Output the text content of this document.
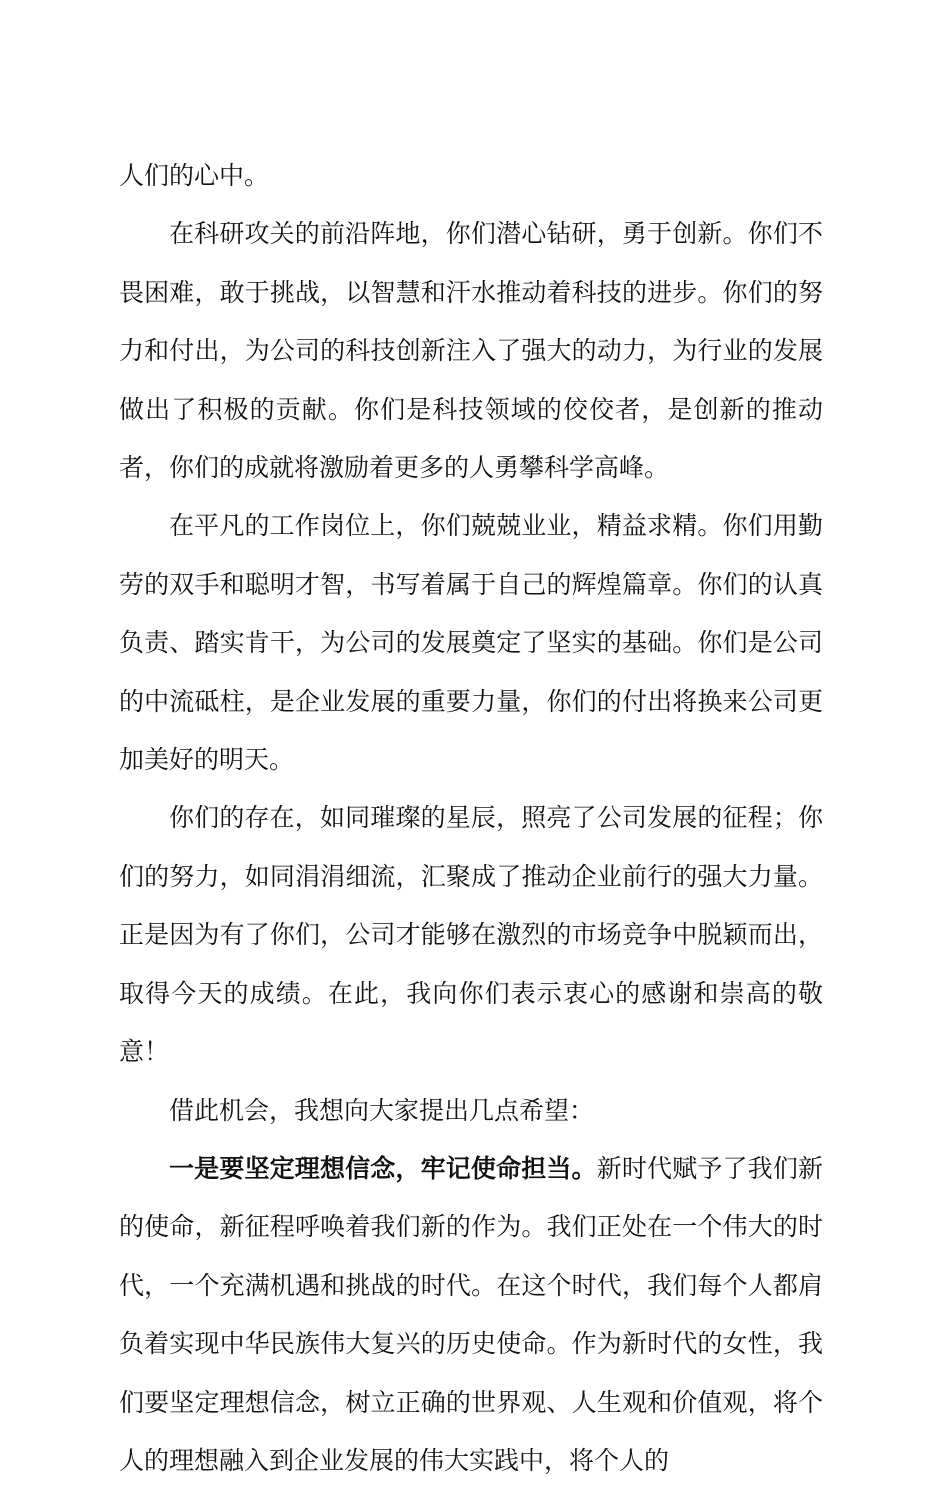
人们的心中。

在科研攻关的前沿阵地，你们潜心钻研，勇于创新。你们不畏困难，敢于挑战，以智慧和汗水推动着科技的进步。你们的努力和付出，为公司的科技创新注入了强大的动力，为行业的发展做出了积极的贡献。你们是科技领域的佼佼者，是创新的推动者，你们的成就将激励着更多的人勇攀科学高峰。

在平凡的工作岗位上，你们兢兢业业，精益求精。你们用勤劳的双手和聪明才智，书写着属于自己的辉煌篇章。你们的认真负责、踏实肯干，为公司的发展奠定了坚实的基础。你们是公司的中流砥柱，是企业发展的重要力量，你们的付出将换来公司更加美好的明天。

你们的存在，如同璀璨的星辰，照亮了公司发展的征程；你们的努力，如同涓涓细流，汇聚成了推动企业前行的强大力量。正是因为有了你们，公司才能够在激烈的市场竞争中脱颖而出，取得今天的成绩。在此，我向你们表示衷心的感谢和崇高的敬意！

借此机会，我想向大家提出几点希望：

一是要坚定理想信念，牢记使命担当。新时代赋予了我们新的使命，新征程呼唤着我们新的作为。我们正处在一个伟大的时代，一个充满机遇和挑战的时代。在这个时代，我们每个人都肩负着实现中华民族伟大复兴的历史使命。作为新时代的女性，我们要坚定理想信念，树立正确的世界观、人生观和价值观，将个人的理想融入到企业发展的伟大实践中，将个人的
